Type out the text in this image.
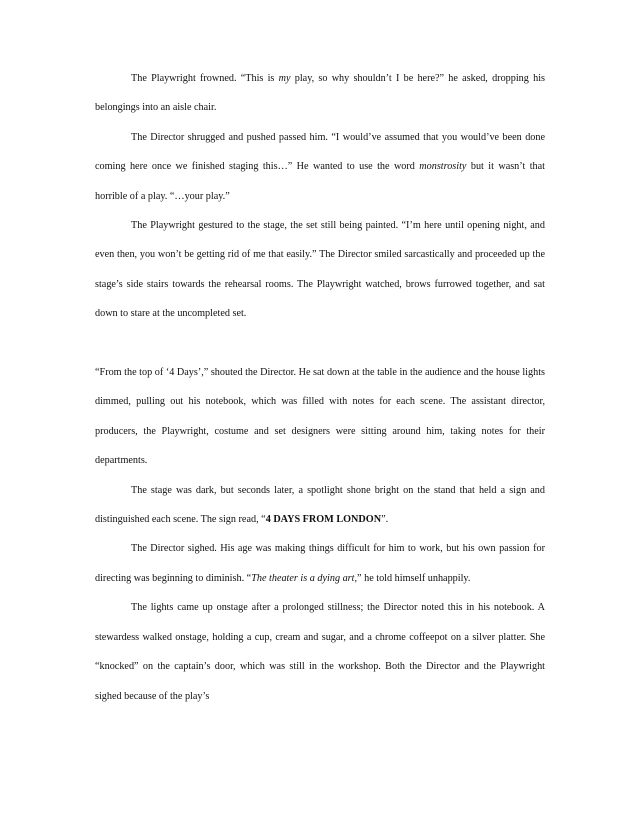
The Playwright frowned. “This is my play, so why shouldn’t I be here?” he asked, dropping his belongings into an aisle chair.

The Director shrugged and pushed passed him. “I would’ve assumed that you would’ve been done coming here once we finished staging this…” He wanted to use the word monstrosity but it wasn’t that horrible of a play. “…your play.”

The Playwright gestured to the stage, the set still being painted. “I’m here until opening night, and even then, you won’t be getting rid of me that easily.” The Director smiled sarcastically and proceeded up the stage’s side stairs towards the rehearsal rooms. The Playwright watched, brows furrowed together, and sat down to stare at the uncompleted set.

“From the top of ‘4 Days’,” shouted the Director. He sat down at the table in the audience and the house lights dimmed, pulling out his notebook, which was filled with notes for each scene. The assistant director, producers, the Playwright, costume and set designers were sitting around him, taking notes for their departments.

The stage was dark, but seconds later, a spotlight shone bright on the stand that held a sign and distinguished each scene. The sign read, “4 DAYS FROM LONDON”.

The Director sighed. His age was making things difficult for him to work, but his own passion for directing was beginning to diminish. “The theater is a dying art,” he told himself unhappily.

The lights came up onstage after a prolonged stillness; the Director noted this in his notebook. A stewardess walked onstage, holding a cup, cream and sugar, and a chrome coffeepot on a silver platter. She “knocked” on the captain’s door, which was still in the workshop. Both the Director and the Playwright sighed because of the play’s
